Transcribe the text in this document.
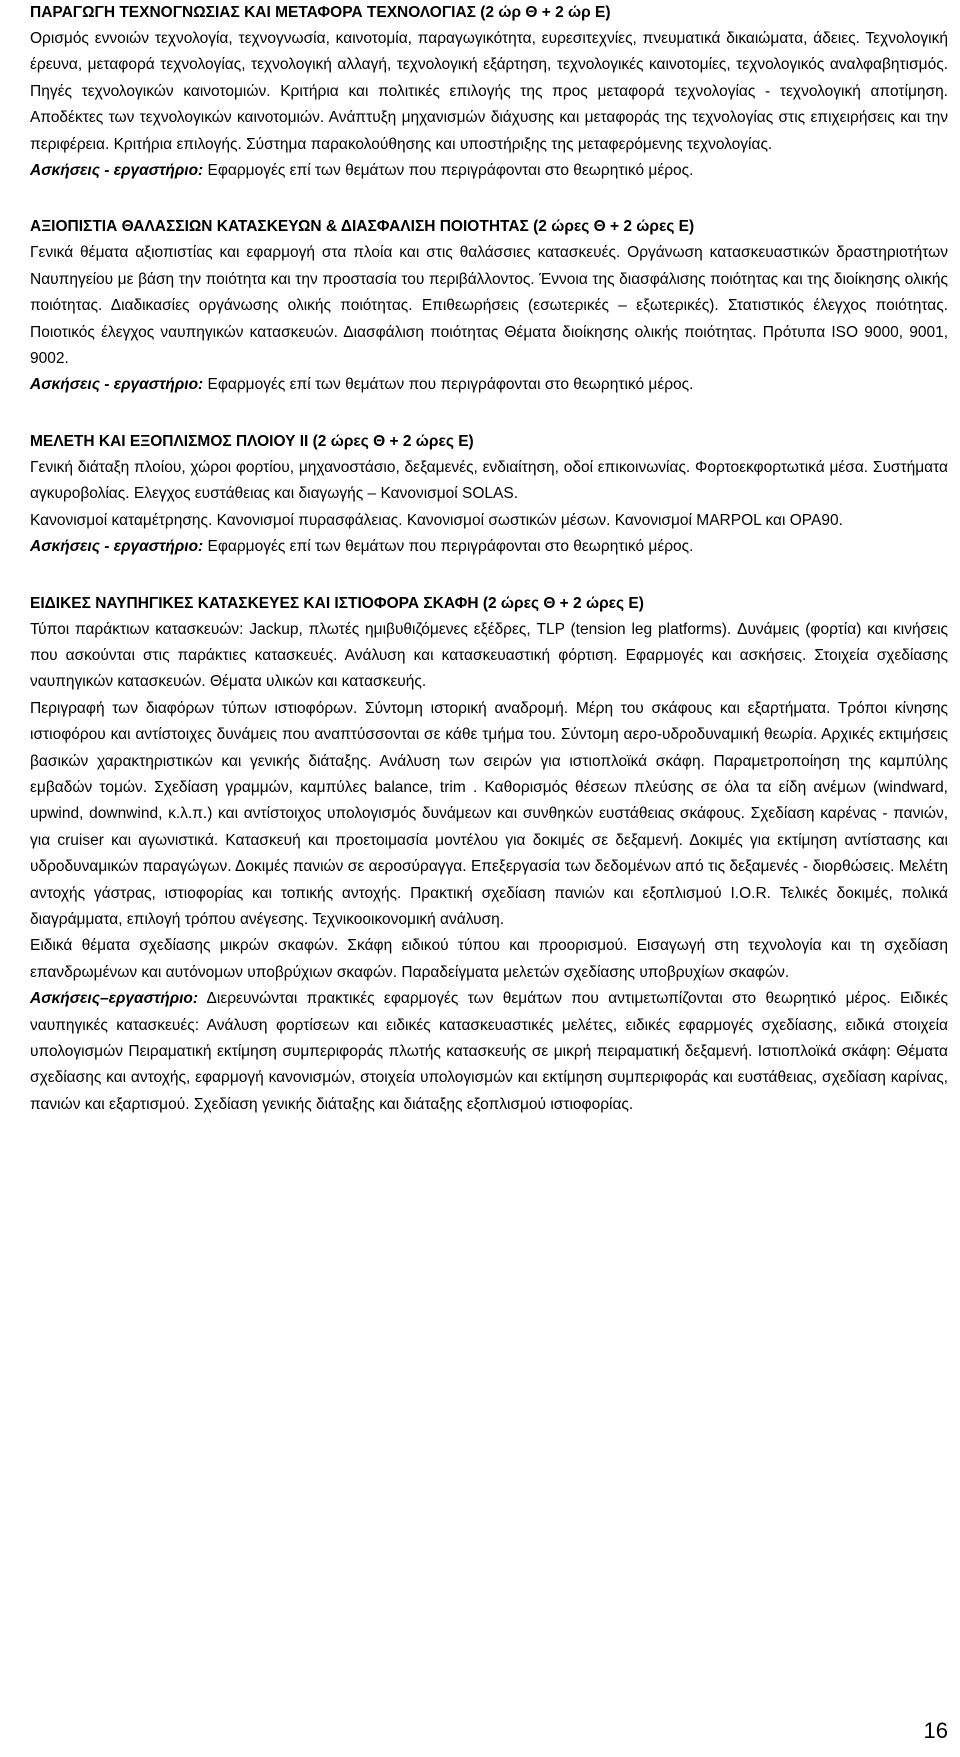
ΠΑΡΑΓΩΓΗ ΤΕΧΝΟΓΝΩΣΙΑΣ ΚΑΙ ΜΕΤΑΦΟΡΑ ΤΕΧΝΟΛΟΓΙΑΣ (2 ώρ Θ + 2 ώρ Ε)

Ορισμός εννοιών τεχνολογία, τεχνογνωσία, καινοτομία, παραγωγικότητα, ευρεσιτεχνίες, πνευματικά δικαιώματα, άδειες. Τεχνολογική έρευνα, μεταφορά τεχνολογίας, τεχνολογική αλλαγή, τεχνολογική εξάρτηση, τεχνολογικές καινοτομίες, τεχνολογικός αναλφαβητισμός. Πηγές τεχνολογικών καινοτομιών. Κριτήρια και πολιτικές επιλογής της προς μεταφορά τεχνολογίας - τεχνολογική αποτίμηση. Αποδέκτες των τεχνολογικών καινοτομιών. Ανάπτυξη μηχανισμών διάχυσης και μεταφοράς της τεχνολογίας στις επιχειρήσεις και την περιφέρεια. Κριτήρια επιλογής. Σύστημα παρακολούθησης και υποστήριξης της μεταφερόμενης τεχνολογίας.

Ασκήσεις - εργαστήριο: Εφαρμογές επί των θεμάτων που περιγράφονται στο θεωρητικό μέρος.

ΑΞΙΟΠΙΣΤΙΑ ΘΑΛΑΣΣΙΩΝ ΚΑΤΑΣΚΕΥΩΝ & ΔΙΑΣΦΑΛΙΣΗ ΠΟΙΟΤΗΤΑΣ (2 ώρες Θ + 2 ώρες Ε)

Γενικά θέματα αξιοπιστίας και εφαρμογή στα πλοία και στις θαλάσσιες κατασκευές. Οργάνωση κατασκευαστικών δραστηριοτήτων Ναυπηγείου με βάση την ποιότητα και την προστασία του περιβάλλοντος. Έννοια της διασφάλισης ποιότητας και της διοίκησης ολικής ποιότητας. Διαδικασίες οργάνωσης ολικής ποιότητας. Επιθεωρήσεις (εσωτερικές – εξωτερικές). Στατιστικός έλεγχος ποιότητας. Ποιοτικός έλεγχος ναυπηγικών κατασκευών. Διασφάλιση ποιότητας Θέματα διοίκησης ολικής ποιότητας. Πρότυπα ISO 9000, 9001, 9002.

Ασκήσεις - εργαστήριο: Εφαρμογές επί των θεμάτων που περιγράφονται στο θεωρητικό μέρος.

ΜΕΛΕΤΗ ΚΑΙ ΕΞΟΠΛΙΣΜΟΣ ΠΛΟΙΟΥ ΙΙ (2 ώρες Θ + 2 ώρες Ε)

Γενική διάταξη πλοίου, χώροι φορτίου, μηχανοστάσιο, δεξαμενές, ενδιαίτηση, οδοί επικοινωνίας. Φορτοεκφορτωτικά μέσα. Συστήματα αγκυροβολίας. Ελεγχος ευστάθειας και διαγωγής – Κανονισμοί SOLAS.

Κανονισμοί καταμέτρησης. Κανονισμοί πυρασφάλειας. Κανονισμοί σωστικών μέσων. Κανονισμοί MARPOL και OPA90.

Ασκήσεις - εργαστήριο: Εφαρμογές επί των θεμάτων που περιγράφονται στο θεωρητικό μέρος.

ΕΙΔΙΚΕΣ ΝΑΥΠΗΓΙΚΕΣ ΚΑΤΑΣΚΕΥΕΣ ΚΑΙ ΙΣΤΙΟΦΟΡΑ ΣΚΑΦΗ (2 ώρες Θ + 2 ώρες Ε)

Τύποι παράκτιων κατασκευών: Jackup, πλωτές ημιβυθιζόμενες εξέδρες, TLP (tension leg platforms). Δυνάμεις (φορτία) και κινήσεις που ασκούνται στις παράκτιες κατασκευές. Ανάλυση και κατασκευαστική φόρτιση. Εφαρμογές και ασκήσεις. Στοιχεία σχεδίασης ναυπηγικών κατασκευών. Θέματα υλικών και κατασκευής.

Περιγραφή των διαφόρων τύπων ιστιοφόρων. Σύντομη ιστορική αναδρομή. Μέρη του σκάφους και εξαρτήματα. Τρόποι κίνησης ιστιοφόρου και αντίστοιχες δυνάμεις που αναπτύσσονται σε κάθε τμήμα του. Σύντομη αερο-υδροδυναμική θεωρία. Αρχικές εκτιμήσεις βασικών χαρακτηριστικών και γενικής διάταξης. Ανάλυση των σειρών για ιστιοπλοϊκά σκάφη. Παραμετροποίηση της καμπύλης εμβαδών τομών. Σχεδίαση γραμμών, καμπύλες balance, trim . Καθορισμός θέσεων πλεύσης σε όλα τα είδη ανέμων (windward, upwind, downwind, κ.λ.π.) και αντίστοιχος υπολογισμός δυνάμεων και συνθηκών ευστάθειας σκάφους. Σχεδίαση καρένας - πανιών, για cruiser και αγωνιστικά. Κατασκευή και προετοιμασία μοντέλου για δοκιμές σε δεξαμενή. Δοκιμές για εκτίμηση αντίστασης και υδροδυναμικών παραγώγων. Δοκιμές πανιών σε αεροσύραγγα. Επεξεργασία των δεδομένων από τις δεξαμενές - διορθώσεις. Μελέτη αντοχής γάστρας, ιστιοφορίας και τοπικής αντοχής. Πρακτική σχεδίαση πανιών και εξοπλισμού I.O.R. Τελικές δοκιμές, πολικά διαγράμματα, επιλογή τρόπου ανέγεσης. Τεχνικοοικονομική ανάλυση.

Ειδικά θέματα σχεδίασης μικρών σκαφών. Σκάφη ειδικού τύπου και προορισμού. Εισαγωγή στη τεχνολογία και τη σχεδίαση επανδρωμένων και αυτόνομων υποβρύχιων σκαφών. Παραδείγματα μελετών σχεδίασης υποβρυχίων σκαφών.

Ασκήσεις–εργαστήριο: Διερευνώνται πρακτικές εφαρμογές των θεμάτων που αντιμετωπίζονται στο θεωρητικό μέρος. Ειδικές ναυπηγικές κατασκευές: Ανάλυση φορτίσεων και ειδικές κατασκευαστικές μελέτες, ειδικές εφαρμογές σχεδίασης, ειδικά στοιχεία υπολογισμών Πειραματική εκτίμηση συμπεριφοράς πλωτής κατασκευής σε μικρή πειραματική δεξαμενή. Ιστιοπλοϊκά σκάφη: Θέματα σχεδίασης και αντοχής, εφαρμογή κανονισμών, στοιχεία υπολογισμών και εκτίμηση συμπεριφοράς και ευστάθειας, σχεδίαση καρίνας, πανιών και εξαρτισμού. Σχεδίαση γενικής διάταξης και διάταξης εξοπλισμού ιστιοφορίας.

16
